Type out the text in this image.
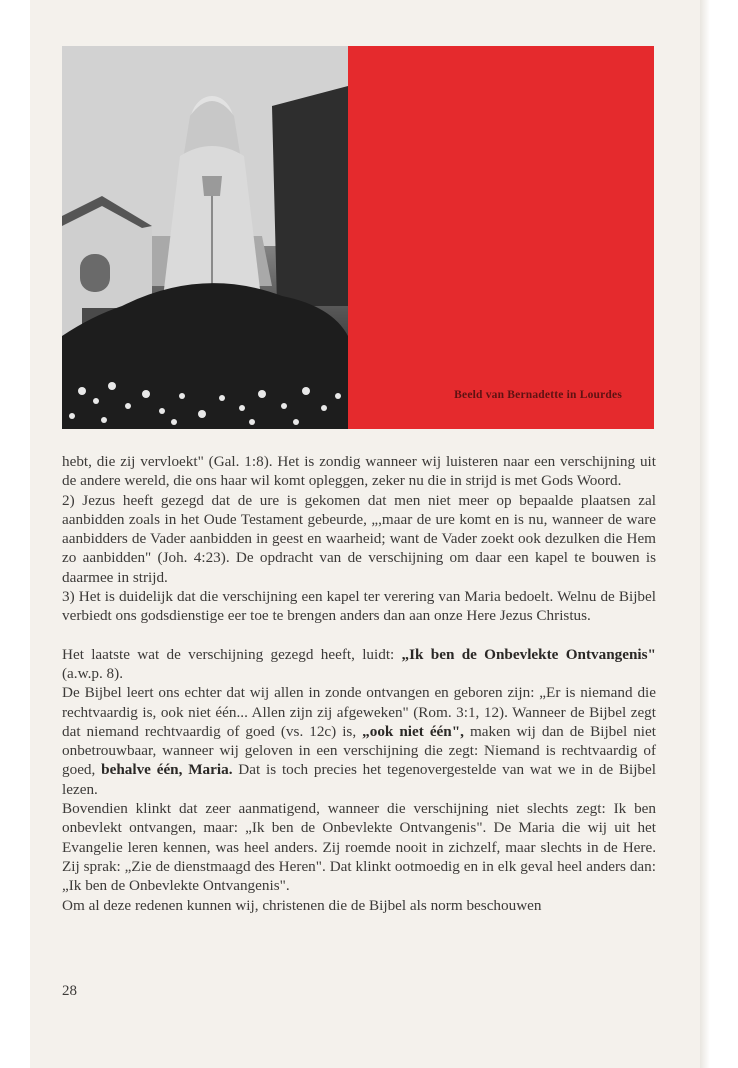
Beeld van Bernadette in Lourdes

hebt, die zij vervloekt" (Gal. 1:8). Het is zondig wanneer wij luisteren naar een verschijning uit de andere wereld, die ons haar wil komt opleggen, zeker nu die in strijd is met Gods Woord.

2) Jezus heeft gezegd dat de ure is gekomen dat men niet meer op bepaalde plaatsen zal aanbidden zoals in het Oude Testament gebeurde, „,maar de ure komt en is nu, wanneer de ware aanbidders de Vader aanbidden in geest en waarheid; want de Vader zoekt ook dezulken die Hem zo aanbidden" (Joh. 4:23). De opdracht van de verschijning om daar een kapel te bouwen is daarmee in strijd.

3) Het is duidelijk dat die verschijning een kapel ter verering van Maria bedoelt. Welnu de Bijbel verbiedt ons godsdienstige eer toe te brengen anders dan aan onze Here Jezus Christus.

Het laatste wat de verschijning gezegd heeft, luidt: „Ik ben de Onbevlekte Ontvangenis" (a.w.p. 8).

De Bijbel leert ons echter dat wij allen in zonde ontvangen en geboren zijn: „Er is niemand die rechtvaardig is, ook niet één... Allen zijn zij afgeweken" (Rom. 3:1, 12). Wanneer de Bijbel zegt dat niemand rechtvaardig of goed (vs. 12c) is, „ook niet één", maken wij dan de Bijbel niet onbetrouwbaar, wanneer wij geloven in een verschijning die zegt: Niemand is rechtvaardig of goed, behalve één, Maria. Dat is toch precies het tegenovergestelde van wat we in de Bijbel lezen.

Bovendien klinkt dat zeer aanmatigend, wanneer die verschijning niet slechts zegt: Ik ben onbevlekt ontvangen, maar: „Ik ben de Onbevlekte Ontvangenis". De Maria die wij uit het Evangelie leren kennen, was heel anders. Zij roemde nooit in zichzelf, maar slechts in de Here. Zij sprak: „Zie de dienstmaagd des Heren". Dat klinkt ootmoedig en in elk geval heel anders dan: „Ik ben de Onbevlekte Ontvangenis".

Om al deze redenen kunnen wij, christenen die de Bijbel als norm beschouwen

28
